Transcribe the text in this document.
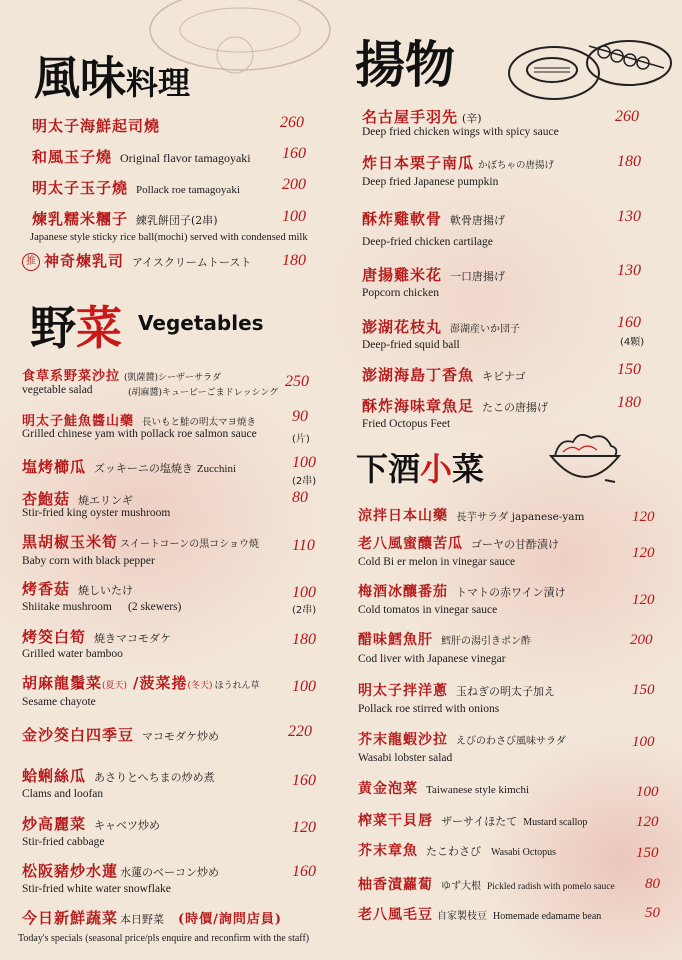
風味料理	揚物
野菜 $^{Vegetables}$
下酒小菜
明太子海鮮起司燒	260
和風玉子燒 Original flavor tamagoyaki 160
明太子玉子燒 Pollack roe tamagoyaki	200
煉乳糯米糰子 練乳餅団子(2串)	100
Japanese style sticky rice ball(mochi) served with condensed milk
推 神奇煉乳司 アイスクリームトースト 180
食草系野菜沙拉 (凱薩醬)シーザーサラダ
vegetable salad	(胡麻醬)キューピーごまドレッシング
250
明太子鮭魚醬山藥 長いもと鮭の明太マヨ焼き
Grilled chinese yam with pollack roe salmon sauce
90
(片)
塩烤櫛瓜 ズッキーニの塩焼き Zucchini	100
(2串)
杏鮑菇 焼エリンギ
Stir-fried king oyster mushroom
80
黒胡椒玉米筍 スイートコーンの黒コショウ焼
Baby corn with black pepper
110
烤香菇 焼しいたけ
Shiitake mushroom (2 skewers)
100
(2串)
烤筊白筍 焼きマコモダケ
Grilled water bamboo
180
胡麻龍鬚菜(夏天) /菠菜捲(冬天) ほうれん草
Sesame chayote
100
金沙筊白四季豆 マコモダケ炒め	220
蛤蜊絲瓜 あさりとへちまの炒め煮
Clams and loofan
160
炒高麗菜 キャベツ炒め
Stir-fried cabbage
120
松阪豬炒水蓮 水蓮のベーコン炒め
Stir-fried white water snowflake
160
今日新鮮蔬菜 本日野菜 (時價/詢問店員)
Today's specials (seasonal price/pls enquire and reconfirm with the staff)
名古屋手羽先 (辛)
Deep fried chicken wings with spicy sauce
260
炸日本栗子南瓜 かぼちゃの唐揚げ
Deep fried Japanese pumpkin
180
酥炸雞軟骨 軟骨唐揚げ
Deep-fried chicken cartilage
130
唐揚雞米花 一口唐揚げ
Popcorn chicken
130
澎湖花枝丸 澎湖産いか団子
Deep-fried squid ball
160
(4顆)
澎湖海島丁香魚 キビナゴ	150
酥炸海味章魚足 たこの唐揚げ
Fried Octopus Feet
180
涼拌日本山藥 長芋サラダ japanese-yam	120
老八風蜜釀苦瓜 ゴーヤの甘酢漬け
Cold Bi er melon in vinegar sauce
120
梅酒冰釀番茄 トマトの赤ワイン漬け
Cold tomatos in vinegar sauce
120
醋味鱈魚肝 鱈肝の湯引きポン酢
Cod liver with Japanese vinegar
200
明太子拌洋蔥 玉ねぎの明太子加え
Pollack roe stirred with onions
150
芥末龍蝦沙拉 えびのわさび風味サラダ
Wasabi lobster salad
100
黄金泡菜 Taiwanese style kimchi	100
榨菜干貝唇 ザーサイほたて Mustard scallop	120
芥末章魚 たこわさび Wasabi Octopus	150
柚香漬蘿蔔 ゆず大根 Pickled radish with pomelo sauce 80
老八風毛豆 自家製枝豆 Homemade edamame bean	50
